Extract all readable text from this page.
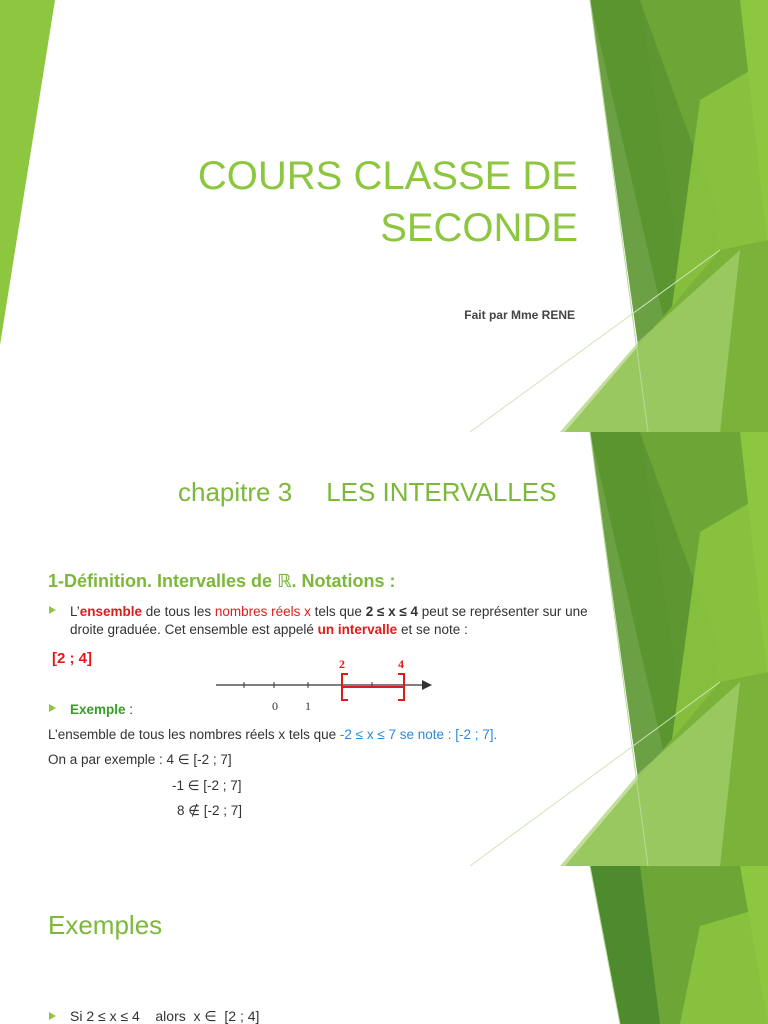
COURS CLASSE DE
SECONDE
Fait par Mme RENE
chapitre 3 LES INTERVALLES
1-Définition. Intervalles de ℝ. Notations :
L’ensemble de tous les nombres réels x tels que 2 ≤ x ≤ 4 peut se représenter sur une
droite graduée. Cet ensemble est appelé un intervalle et se note :
[2 ; 4]
0 1
2	4
Exemple :
L’ensemble de tous les nombres réels x tels que -2 ≤ x ≤ 7 se note : [-2 ; 7].
On a par exemple : 4 ∈ [-2 ; 7]
-1 ∈ [-2 ; 7]
8 ∉ [-2 ; 7]
Exemples
Si 2 ≤ x ≤ 4    alors  x ∈  [2 ; 4]
